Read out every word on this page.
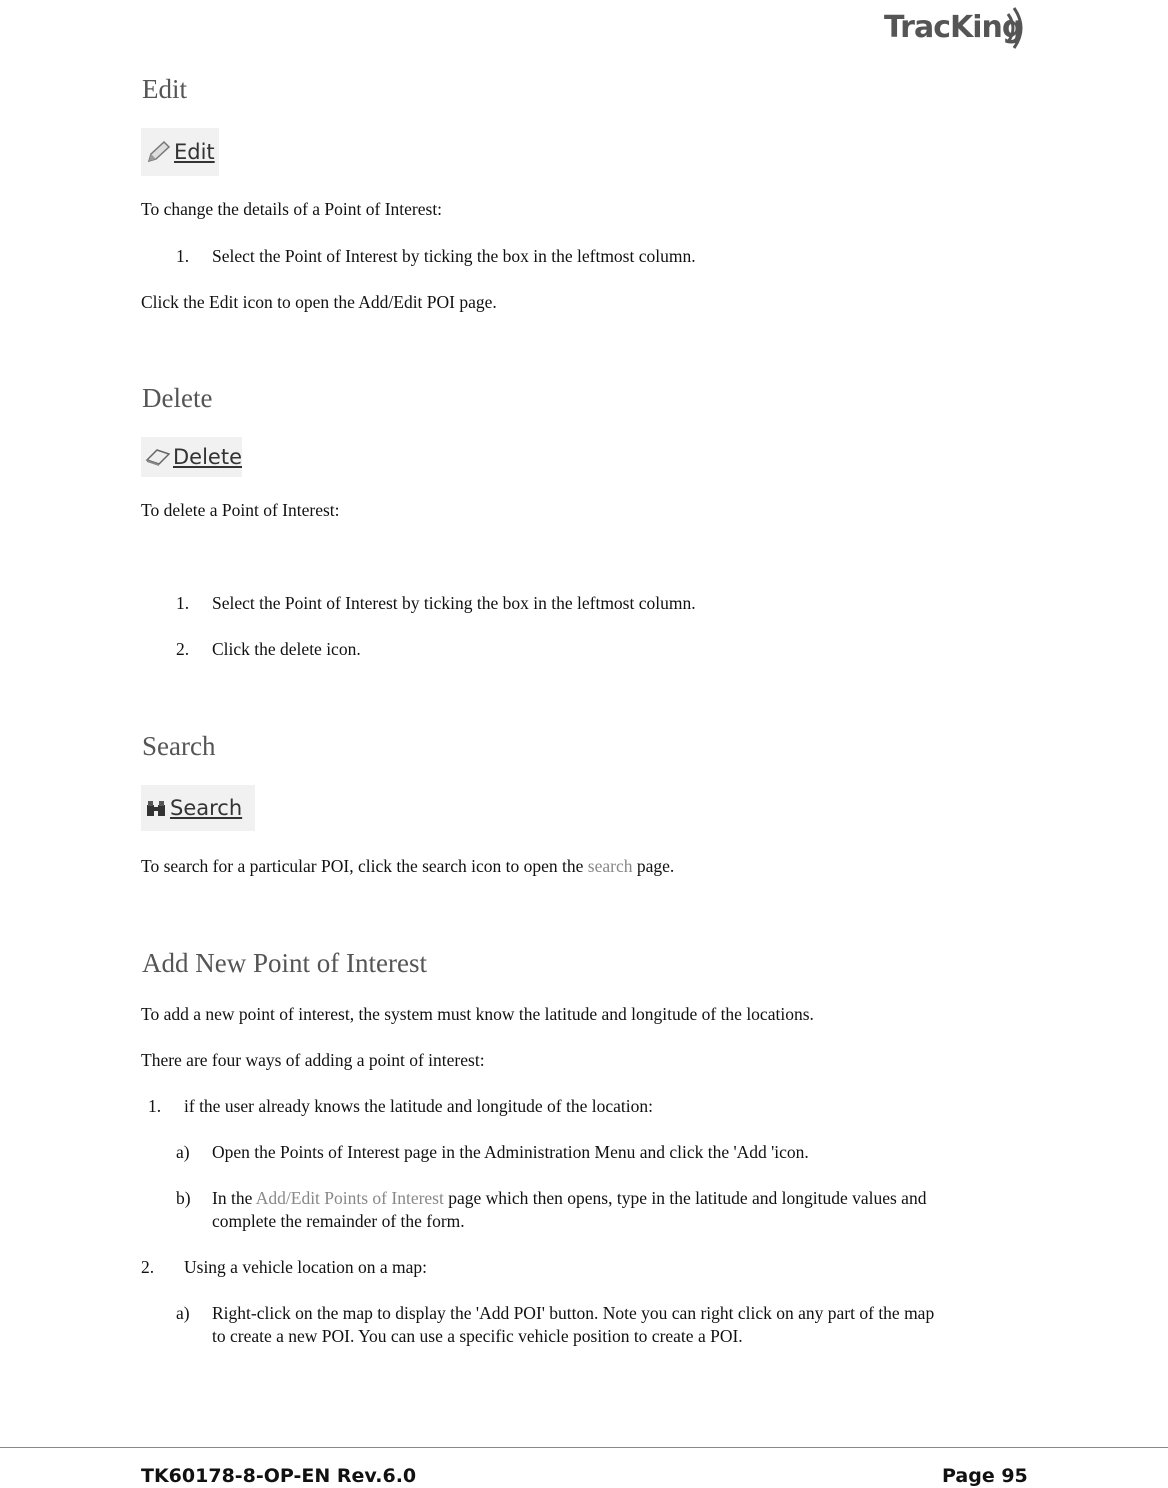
TracKing
Edit
Edit
To change the details of a Point of Interest:
1. Select the Point of Interest by ticking the box in the leftmost column.
Click the Edit icon to open the Add/Edit POI page.
Delete
Delete
To delete a Point of Interest:
1. Select the Point of Interest by ticking the box in the leftmost column.
2. Click the delete icon.
Search
Search
To search for a particular POI, click the search icon to open the search page.
Add New Point of Interest
To add a new point of interest, the system must know the latitude and longitude of the locations.
There are four ways of adding a point of interest:
1. if the user already knows the latitude and longitude of the location:
a) Open the Points of Interest page in the Administration Menu and click the 'Add 'icon.
b) In the Add/Edit Points of Interest page which then opens, type in the latitude and longitude values and
complete the remainder of the form.
2. Using a vehicle location on a map:
a) Right-click on the map to display the 'Add POI' button. Note you can right click on any part of the map
to create a new POI. You can use a specific vehicle position to create a POI.
TK60178-8-OP-EN Rev.6.0	Page 95
